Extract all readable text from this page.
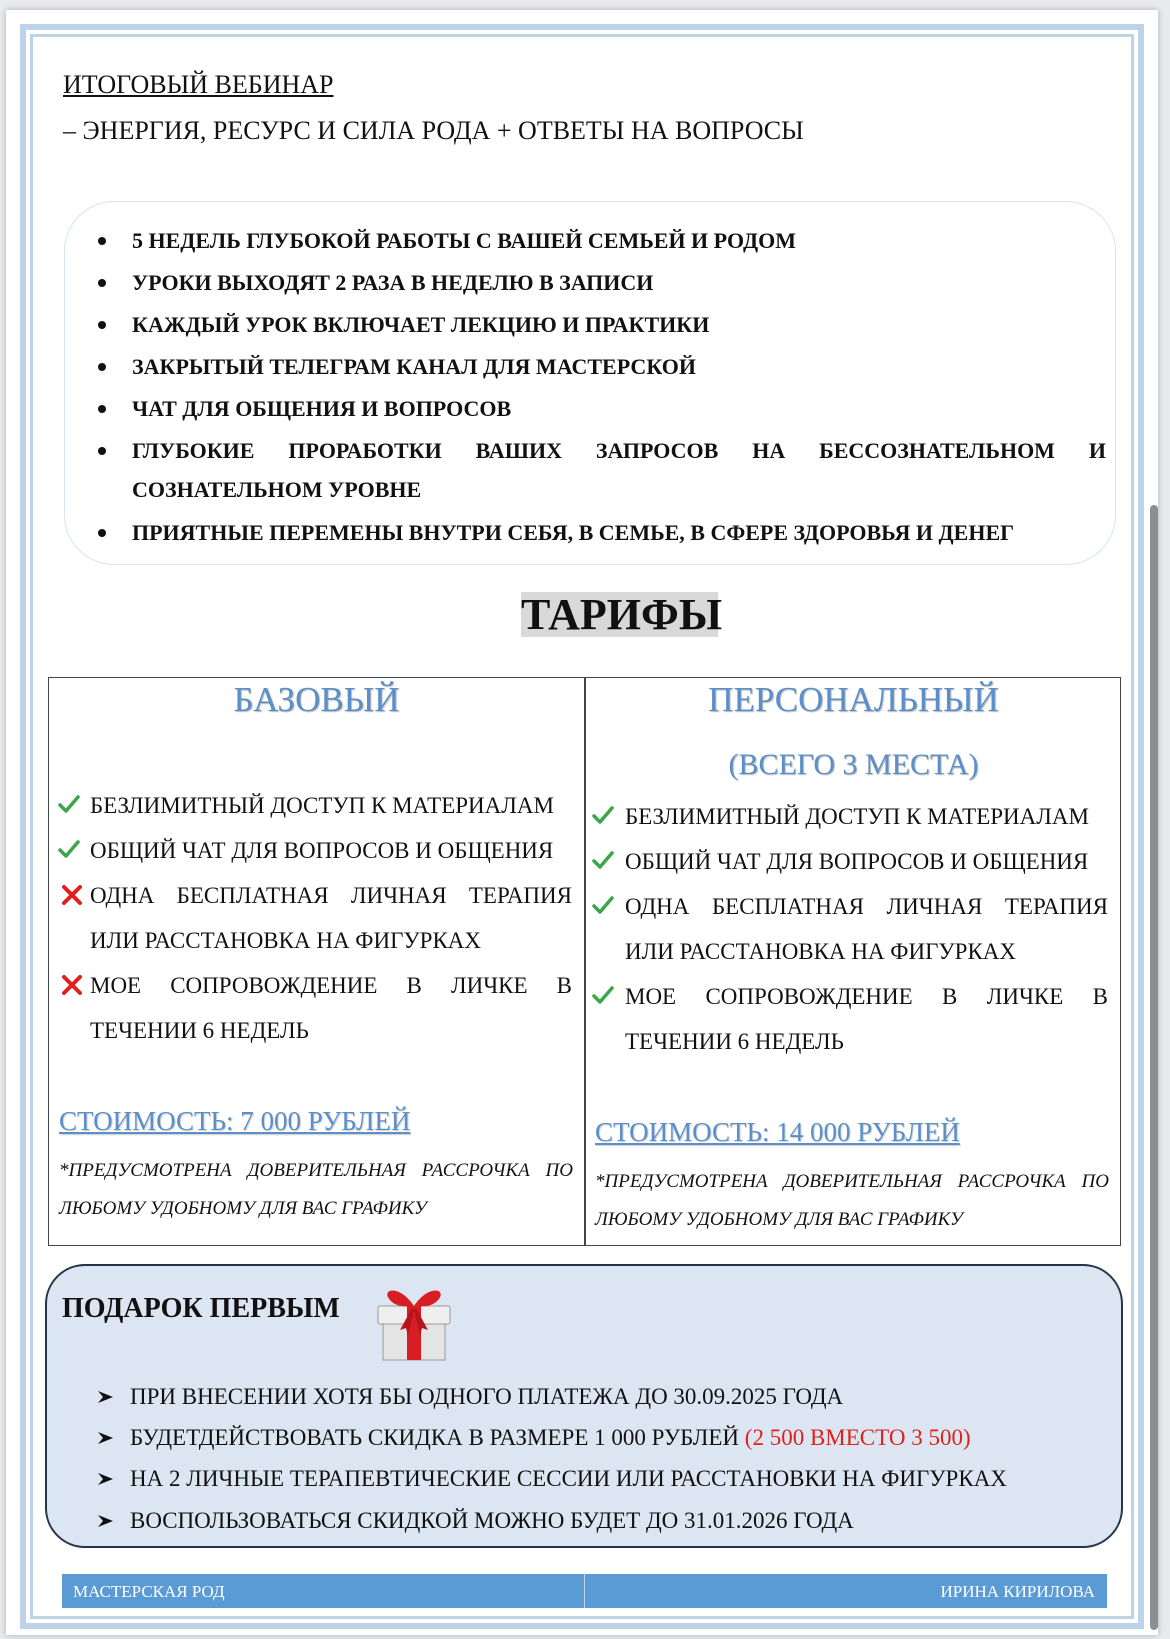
ИТОГОВЫЙ ВЕБИНАР
– ЭНЕРГИЯ, РЕСУРС И СИЛА РОДА + ОТВЕТЫ НА ВОПРОСЫ
5 НЕДЕЛЬ ГЛУБОКОЙ РАБОТЫ С ВАШЕЙ СЕМЬЕЙ И РОДОМ
УРОКИ ВЫХОДЯТ 2 РАЗА В НЕДЕЛЮ В ЗАПИСИ
КАЖДЫЙ УРОК ВКЛЮЧАЕТ ЛЕКЦИЮ И ПРАКТИКИ
ЗАКРЫТЫЙ ТЕЛЕГРАМ КАНАЛ ДЛЯ МАСТЕРСКОЙ
ЧАТ ДЛЯ ОБЩЕНИЯ И ВОПРОСОВ
ГЛУБОКИЕ ПРОРАБОТКИ ВАШИХ ЗАПРОСОВ НА БЕССОЗНАТЕЛЬНОМ И
СОЗНАТЕЛЬНОМ УРОВНЕ
ПРИЯТНЫЕ ПЕРЕМЕНЫ ВНУТРИ СЕБЯ, В СЕМЬЕ, В СФЕРЕ ЗДОРОВЬЯ И ДЕНЕГ
ТАРИФЫ
БАЗОВЫЙ
БЕЗЛИМИТНЫЙ ДОСТУП К МАТЕРИАЛАМ
ОБЩИЙ ЧАТ ДЛЯ ВОПРОСОВ И ОБЩЕНИЯ
ОДНА БЕСПЛАТНАЯ ЛИЧНАЯ ТЕРАПИЯ
ИЛИ РАССТАНОВКА НА ФИГУРКАХ
МОЕ СОПРОВОЖДЕНИЕ В ЛИЧКЕ В
ТЕЧЕНИИ 6 НЕДЕЛЬ
СТОИМОСТЬ: 7 000 РУБЛЕЙ
*ПРЕДУСМОТРЕНА ДОВЕРИТЕЛЬНАЯ РАССРОЧКА ПО
ЛЮБОМУ УДОБНОМУ ДЛЯ ВАС ГРАФИКУ
ПЕРСОНАЛЬНЫЙ
(ВСЕГО 3 МЕСТА)
БЕЗЛИМИТНЫЙ ДОСТУП К МАТЕРИАЛАМ
ОБЩИЙ ЧАТ ДЛЯ ВОПРОСОВ И ОБЩЕНИЯ
ОДНА БЕСПЛАТНАЯ ЛИЧНАЯ ТЕРАПИЯ
ИЛИ РАССТАНОВКА НА ФИГУРКАХ
МОЕ СОПРОВОЖДЕНИЕ В ЛИЧКЕ В
ТЕЧЕНИИ 6 НЕДЕЛЬ
СТОИМОСТЬ: 14 000 РУБЛЕЙ
*ПРЕДУСМОТРЕНА ДОВЕРИТЕЛЬНАЯ РАССРОЧКА ПО
ЛЮБОМУ УДОБНОМУ ДЛЯ ВАС ГРАФИКУ
ПОДАРОК ПЕРВЫМ
ПРИ ВНЕСЕНИИ ХОТЯ БЫ ОДНОГО ПЛАТЕЖА ДО 30.09.2025 ГОДА
БУДЕТДЕЙСТВОВАТЬ СКИДКА В РАЗМЕРЕ 1 000 РУБЛЕЙ (2 500 ВМЕСТО 3 500)
НА 2 ЛИЧНЫЕ ТЕРАПЕВТИЧЕСКИЕ СЕССИИ ИЛИ РАССТАНОВКИ НА ФИГУРКАХ
ВОСПОЛЬЗОВАТЬСЯ СКИДКОЙ МОЖНО БУДЕТ ДО 31.01.2026 ГОДА
МАСТЕРСКАЯ РОД	ИРИНА КИРИЛОВА
